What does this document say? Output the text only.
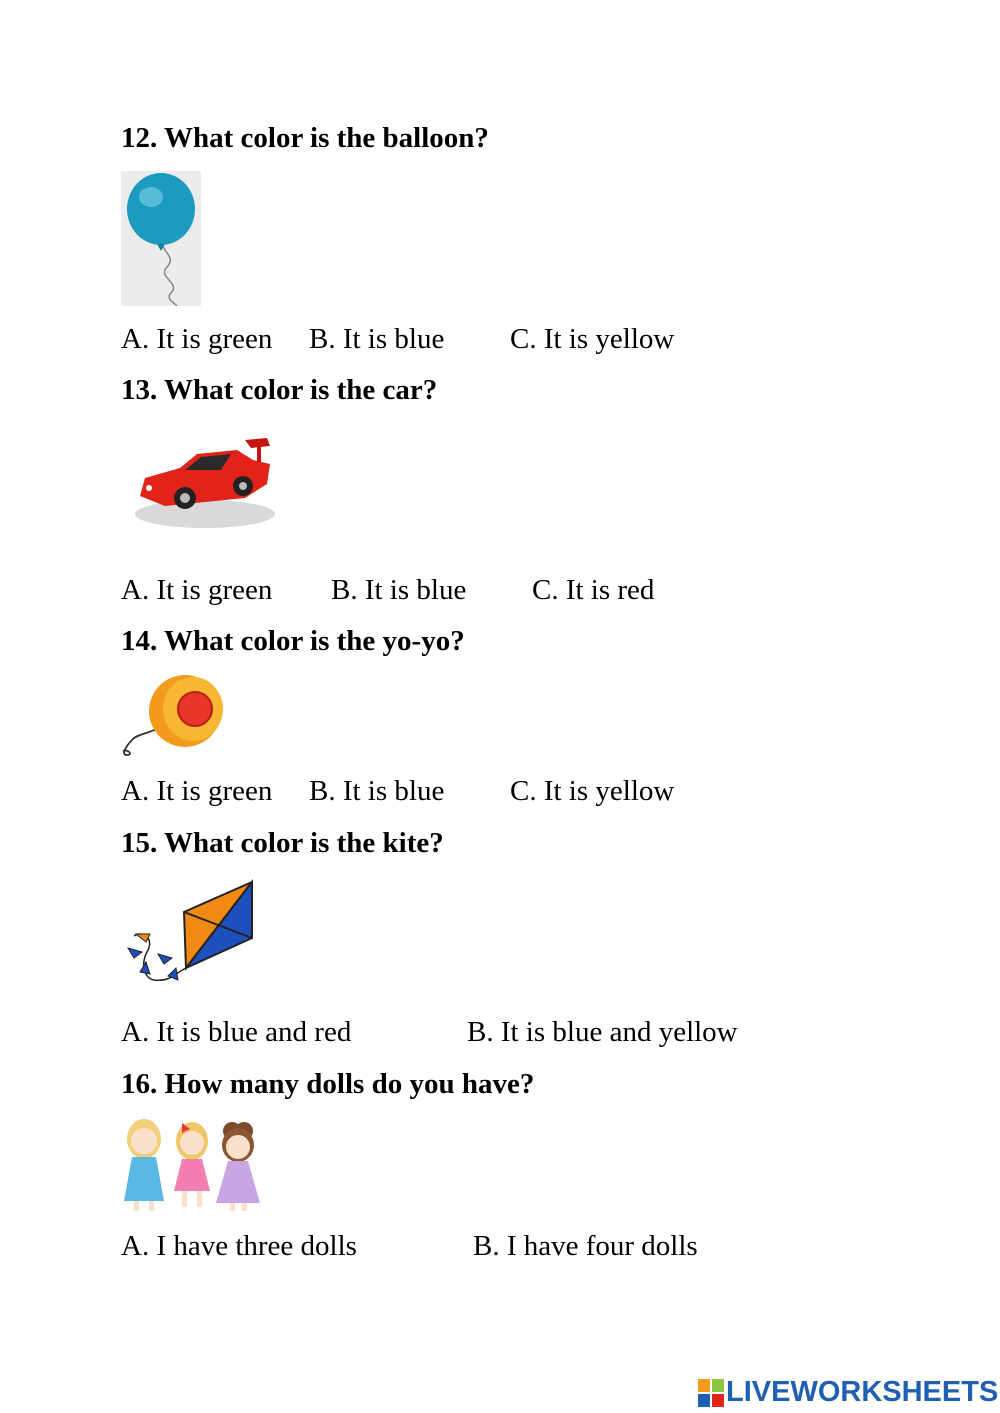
12. What color is the balloon?
A. It is green B. It is blue C. It is yellow
13. What color is the car?
A. It is green B. It is blue C. It is red
14. What color is the yo-yo?
A. It is green B. It is blue C. It is yellow
15. What color is the kite?
A. It is blue and red	B. It is blue and yellow
16. How many dolls do you have?
A. I have three dolls	B. I have four dolls
LIVEWORKSHEETS
